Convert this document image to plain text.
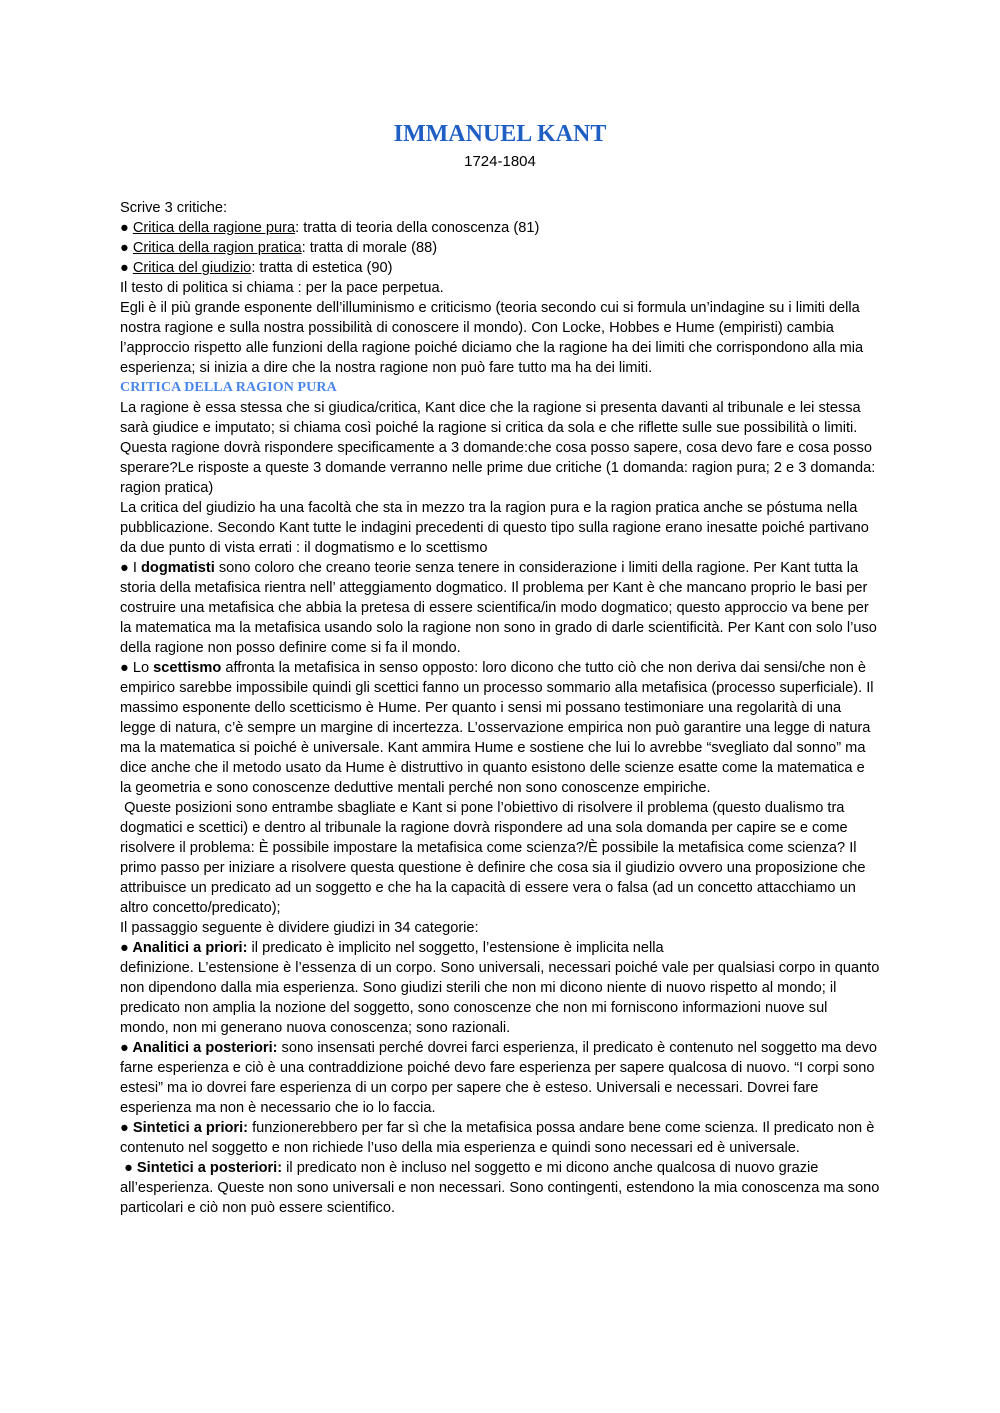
IMMANUEL KANT
1724-1804

Scrive 3 critiche:

● Critica della ragione pura: tratta di teoria della conoscenza (81)

● Critica della ragion pratica: tratta di morale (88)

● Critica del giudizio: tratta di estetica (90)

Il testo di politica si chiama : per la pace perpetua.

Egli è il più grande esponente dell’illuminismo e criticismo (teoria secondo cui si formula un’indagine su i limiti della nostra ragione e sulla nostra possibilità di conoscere il mondo). Con Locke, Hobbes e Hume (empiristi) cambia l’approccio rispetto alle funzioni della ragione poiché diciamo che la ragione ha dei limiti che corrispondono alla mia esperienza; si inizia a dire che la nostra ragione non può fare tutto ma ha dei limiti.

CRITICA DELLA RAGION PURA

La ragione è essa stessa che si giudica/critica, Kant dice che la ragione si presenta davanti al tribunale e lei stessa sarà giudice e imputato; si chiama così poiché la ragione si critica da sola e che riflette sulle sue possibilità o limiti. Questa ragione dovrà rispondere specificamente a 3 domande:che cosa posso sapere, cosa devo fare e cosa posso sperare?Le risposte a queste 3 domande verranno nelle prime due critiche (1 domanda: ragion pura; 2 e 3 domanda: ragion pratica)

La critica del giudizio ha una facoltà che sta in mezzo tra la ragion pura e la ragion pratica anche se póstuma nella pubblicazione. Secondo Kant tutte le indagini precedenti di questo tipo sulla ragione erano inesatte poiché partivano da due punto di vista errati : il dogmatismo e lo scettismo

● I dogmatisti sono coloro che creano teorie senza tenere in considerazione i limiti della ragione. Per Kant tutta la storia della metafisica rientra nell’ atteggiamento dogmatico. Il problema per Kant è che mancano proprio le basi per costruire una metafisica che abbia la pretesa di essere scientifica/in modo dogmatico; questo approccio va bene per la matematica ma la metafisica usando solo la ragione non sono in grado di darle scientificità. Per Kant con solo l’uso della ragione non posso definire come si fa il mondo.

● Lo scettismo affronta la metafisica in senso opposto: loro dicono che tutto ciò che non deriva dai sensi/che non è empirico sarebbe impossibile quindi gli scettici fanno un processo sommario alla metafisica (processo superficiale). Il massimo esponente dello scetticismo è Hume. Per quanto i sensi mi possano testimoniare una regolarità di una legge di natura, c’è sempre un margine di incertezza. L’osservazione empirica non può garantire una legge di natura ma la matematica si poiché è universale. Kant ammira Hume e sostiene che lui lo avrebbe “svegliato dal sonno” ma dice anche che il metodo usato da Hume è distruttivo in quanto esistono delle scienze esatte come la matematica e la geometria e sono conoscenze deduttive mentali perché non sono conoscenze empiriche.

Queste posizioni sono entrambe sbagliate e Kant si pone l’obiettivo di risolvere il problema (questo dualismo tra dogmatici e scettici) e dentro al tribunale la ragione dovrà rispondere ad una sola domanda per capire se e come risolvere il problema: È possibile impostare la metafisica come scienza?/È possibile la metafisica come scienza? Il primo passo per iniziare a risolvere questa questione è definire che cosa sia il giudizio ovvero una proposizione che attribuisce un predicato ad un soggetto e che ha la capacità di essere vera o falsa (ad un concetto attacchiamo un altro concetto/predicato);

Il passaggio seguente è dividere giudizi in 34 categorie:

● Analitici a priori: il predicato è implicito nel soggetto, l’estensione è implicita nella

definizione. L’estensione è l’essenza di un corpo. Sono universali, necessari poiché vale per qualsiasi corpo in quanto non dipendono dalla mia esperienza. Sono giudizi sterili che non mi dicono niente di nuovo rispetto al mondo; il predicato non amplia la nozione del soggetto, sono conoscenze che non mi forniscono informazioni nuove sul mondo, non mi generano nuova conoscenza; sono razionali.

● Analitici a posteriori: sono insensati perché dovrei farci esperienza, il predicato è contenuto nel soggetto ma devo farne esperienza e ciò è una contraddizione poiché devo fare esperienza per sapere qualcosa di nuovo. “I corpi sono estesi” ma io dovrei fare esperienza di un corpo per sapere che è esteso. Universali e necessari. Dovrei fare esperienza ma non è necessario che io lo faccia.

● Sintetici a priori: funzionerebbero per far sì che la metafisica possa andare bene come scienza. Il predicato non è contenuto nel soggetto e non richiede l’uso della mia esperienza e quindi sono necessari ed è universale.

● Sintetici a posteriori: il predicato non è incluso nel soggetto e mi dicono anche qualcosa di nuovo grazie all’esperienza. Queste non sono universali e non necessari. Sono contingenti, estendono la mia conoscenza ma sono particolari e ciò non può essere scientifico.
